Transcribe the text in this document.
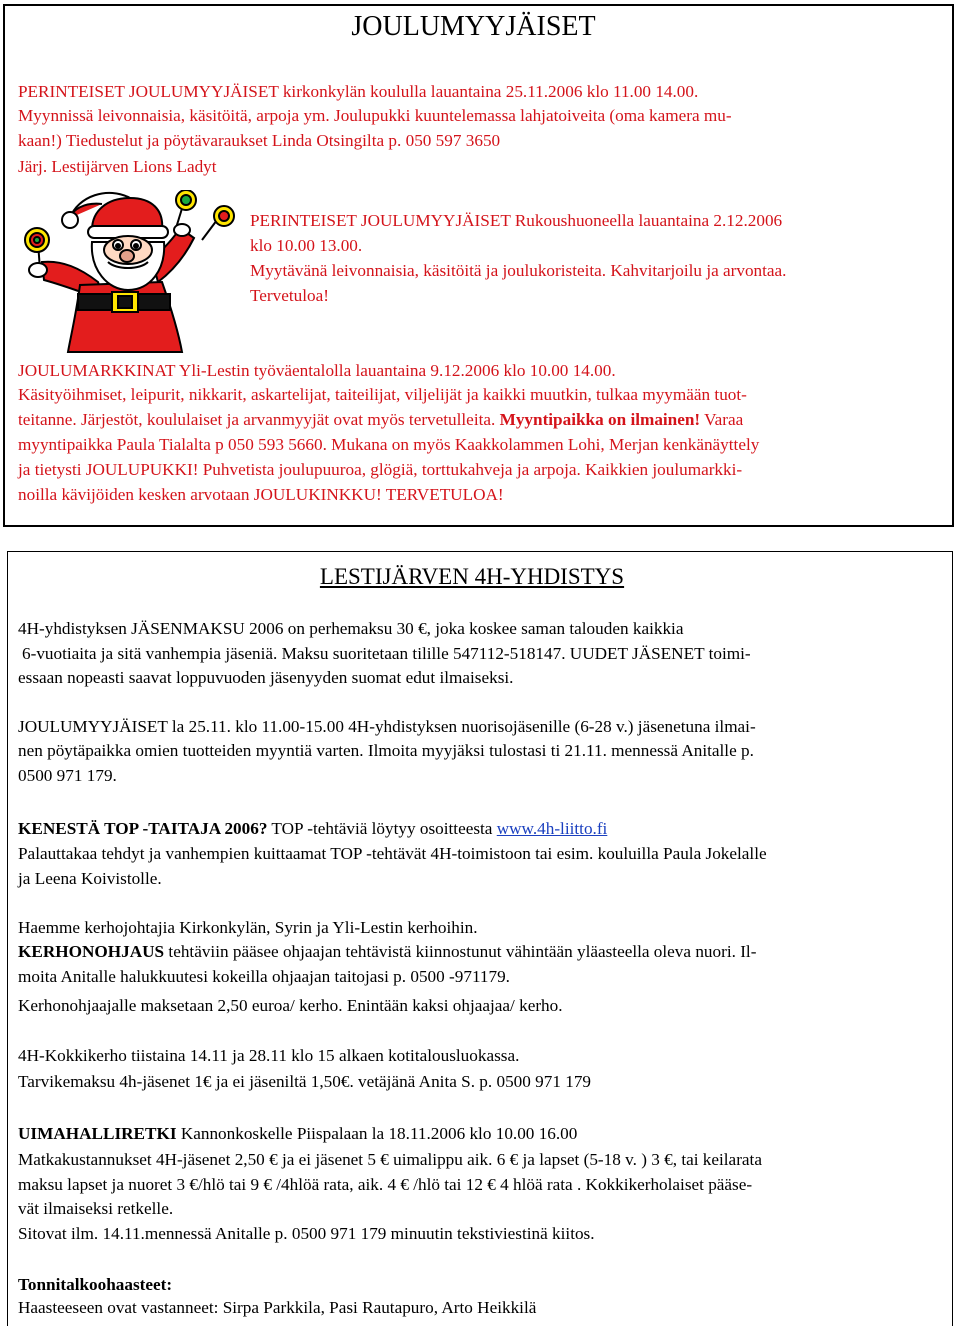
JOULUMYYJÄISET
PERINTEISET JOULUMYYJÄISET kirkonkylän koululla lauantaina 25.11.2006 klo 11.00 14.00.
Myynnissä leivonnaisia, käsitöitä, arpoja ym. Joulupukki kuuntelemassa lahjatoiveita (oma kamera mu-
kaan!) Tiedustelut ja pöytävaraukset Linda Otsingilta p. 050 597 3650
Järj. Lestijärven Lions Ladyt
PERINTEISET JOULUMYYJÄISET Rukoushuoneella lauantaina 2.12.2006
klo 10.00 13.00.
Myytävänä leivonnaisia, käsitöitä ja joulukoristeita. Kahvitarjoilu ja arvontaa.
Tervetuloa!
JOULUMARKKINAT Yli-Lestin työväentalolla lauantaina 9.12.2006 klo 10.00 14.00.
Käsityöihmiset, leipurit, nikkarit, askartelijat, taiteilijat, viljelijät ja kaikki muutkin, tulkaa myymään tuot-
teitanne. Järjestöt, koululaiset ja arvanmyyjät ovat myös tervetulleita. Myyntipaikka on ilmainen! Varaa
myyntipaikka Paula Tialalta p 050 593 5660. Mukana on myös Kaakkolammen Lohi, Merjan kenkänäyttely
ja tietysti JOULUPUKKI! Puhvetista joulupuuroa, glögiä, torttukahveja ja arpoja. Kaikkien joulumarkki-
noilla kävijöiden kesken arvotaan JOULUKINKKU! TERVETULOA!
LESTIJÄRVEN 4H-YHDISTYS
4H-yhdistyksen JÄSENMAKSU 2006 on perhemaksu 30 €, joka koskee saman talouden kaikkia
6-vuotiaita ja sitä vanhempia jäseniä. Maksu suoritetaan tilille 547112-518147. UUDET JÄSENET toimi-
essaan nopeasti saavat loppuvuoden jäsenyyden suomat edut ilmaiseksi.
JOULUMYYJÄISET la 25.11. klo 11.00-15.00 4H-yhdistyksen nuorisojäsenille (6-28 v.) jäsenetuna ilmai-
nen pöytäpaikka omien tuotteiden myyntiä varten. Ilmoita myyjäksi tulostasi ti 21.11. mennessä Anitalle p.
0500 971 179.
KENESTÄ TOP -TAITAJA 2006? TOP -tehtäviä löytyy osoitteesta www.4h-liitto.fi
Palauttakaa tehdyt ja vanhempien kuittaamat TOP -tehtävät 4H-toimistoon tai esim. kouluilla Paula Jokelalle
ja Leena Koivistolle.
Haemme kerhojohtajia Kirkonkylän, Syrin ja Yli-Lestin kerhoihin.
KERHONOHJAUS tehtäviin pääsee ohjaajan tehtävistä kiinnostunut vähintään yläasteella oleva nuori. Il-
moita Anitalle halukkuutesi kokeilla ohjaajan taitojasi p. 0500 -971179.
Kerhonohjaajalle maksetaan 2,50 euroa/ kerho. Enintään kaksi ohjaajaa/ kerho.
4H-Kokkikerho tiistaina 14.11 ja 28.11 klo 15 alkaen kotitalousluokassa.
Tarvikemaksu 4h-jäsenet 1€ ja ei jäseniltä 1,50€. vetäjänä Anita S. p. 0500 971 179
UIMAHALLIRETKI Kannonkoskelle Piispalaan la 18.11.2006 klo 10.00 16.00
Matkakustannukset 4H-jäsenet 2,50 € ja ei jäsenet 5 € uimalippu aik. 6 € ja lapset (5-18 v. ) 3 €, tai keilarata
maksu lapset ja nuoret 3 €/hlö tai 9 € /4hlöä rata, aik. 4 € /hlö tai 12 € 4 hlöä rata . Kokkikerholaiset pääse-
vät ilmaiseksi retkelle.
Sitovat ilm. 14.11.mennessä Anitalle p. 0500 971 179 minuutin tekstiviestinä kiitos.
Tonnitalkoohaasteet:
Haasteeseen ovat vastanneet: Sirpa Parkkila, Pasi Rautapuro, Arto Heikkilä
